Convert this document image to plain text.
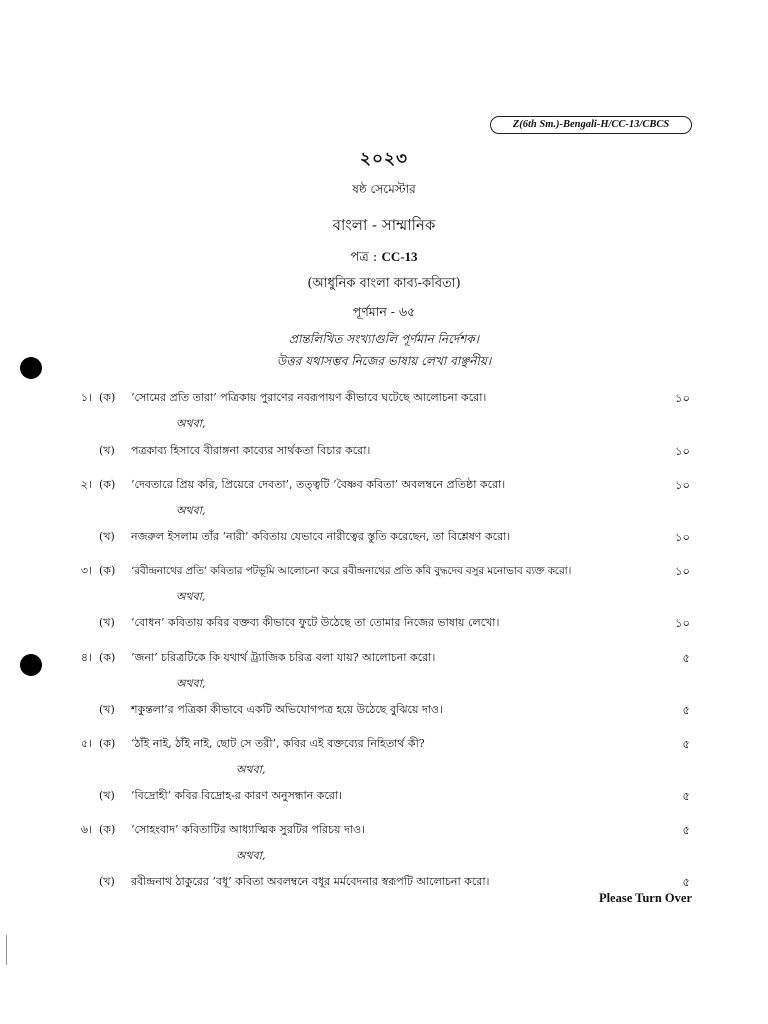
Z(6th Sm.)-Bengali-H/CC-13/CBCS
২০২৩
ষষ্ঠ সেমেস্টার
বাংলা - সাম্মানিক
পত্র : CC-13
(আধুনিক বাংলা কাব্য-কবিতা)
পূর্ণমান - ৬৫
প্রান্তলিখিত সংখ্যাগুলি পূর্ণমান নির্দেশক।
উত্তর যথাসম্ভব নিজের ভাষায় লেখা বাঞ্ছনীয়।
১। (ক) ‘সোমের প্রতি তারা’ পত্রিকায় পুরাণের নবরূপায়ণ কীভাবে ঘটেছে আলোচনা করো।	১০
অথবা,
(খ) পত্রকাব্য হিসাবে বীরাঙ্গনা কাব্যের সার্থকতা বিচার করো।	১০
২। (ক) ‘দেবতারে প্রিয় করি, প্রিয়েরে দেবতা’, তত্ত্বটি ‘বৈষ্ণব কবিতা’ অবলম্বনে প্রতিষ্ঠা করো।	১০
অথবা,
(খ) নজরুল ইসলাম তাঁর ‘নারী’ কবিতায় যেভাবে নারীত্বের স্তুতি করেছেন, তা বিশ্লেষণ করো।	১০
৩। (ক) ‘রবীন্দ্রনাথের প্রতি’ কবিতার পটভূমি আলোচনা করে রবীন্দ্রনাথের প্রতি কবি বুদ্ধদেব বসুর মনোভাব ব্যক্ত করো।	১০
অথবা,
(খ) ‘বোধন’ কবিতায় কবির বক্তব্য কীভাবে ফুটে উঠেছে তা তোমার নিজের ভাষায় লেখো।	১০
৪। (ক) ‘জনা’ চরিত্রটিকে কি যথার্থ ট্র্যাজিক চরিত্র বলা যায়? আলোচনা করো।	৫
অথবা,
(খ) শকুন্তলা’র পত্রিকা কীভাবে একটি অভিযোগপত্র হয়ে উঠেছে বুঝিয়ে দাও।	৫
৫। (ক) ‘ঠাঁই নাই, ঠাঁই নাই, ছোট সে তরী’, কবির এই বক্তব্যের নিহিতার্থ কী?	৫
অথবা,
(খ) ‘বিদ্রোহী’ কবির বিদ্রোহ-র কারণ অনুসন্ধান করো।	৫
৬। (ক) ‘সোহংবাদ’ কবিতাটির আধ্যাত্মিক সুরটির পরিচয় দাও।	৫
অথবা,
(খ) রবীন্দ্রনাথ ঠাকুরের ‘বধূ’ কবিতা অবলম্বনে বধূর মর্মবেদনার স্বরূপটি আলোচনা করো।	৫
Please Turn Over
